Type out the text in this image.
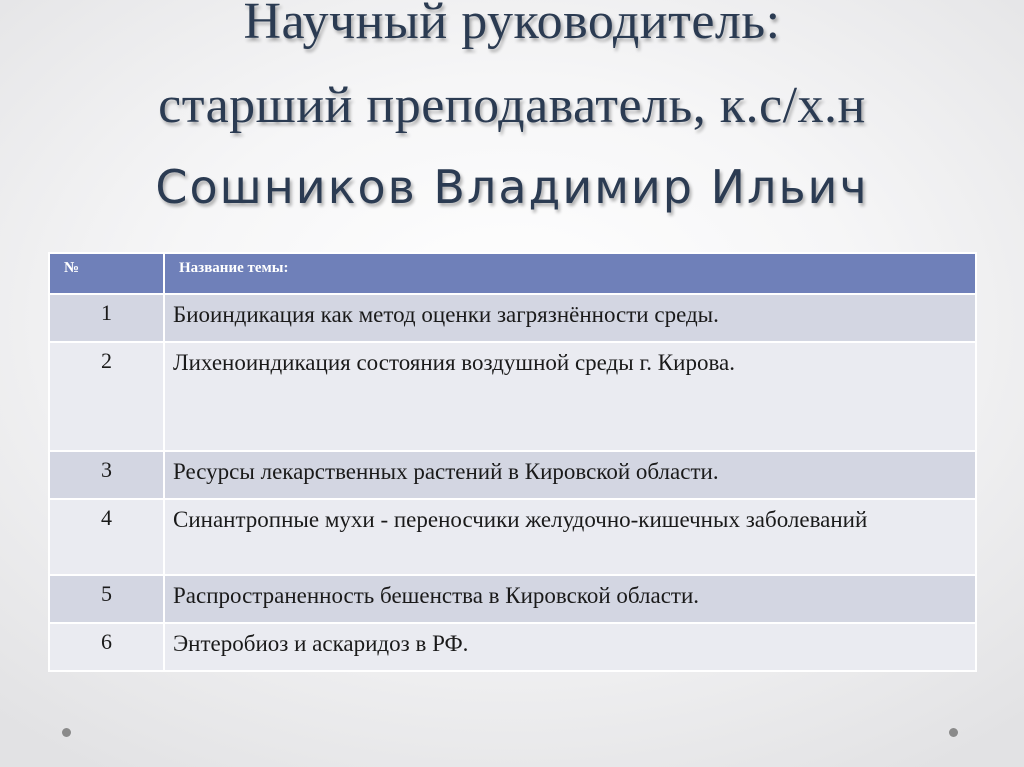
Научный руководитель:
старший преподаватель, к.с/х.н
Сошников Владимир Ильич
№	Название темы:
1	Биоиндикация как метод оценки загрязнённости среды.
2	Лихеноиндикация состояния воздушной среды г. Кирова.
3	Ресурсы лекарственных растений в Кировской области.
4	Синантропные мухи - переносчики желудочно-кишечных заболеваний
5	Распространенность бешенства в Кировской области.
6	Энтеробиоз и аскаридоз в РФ.
